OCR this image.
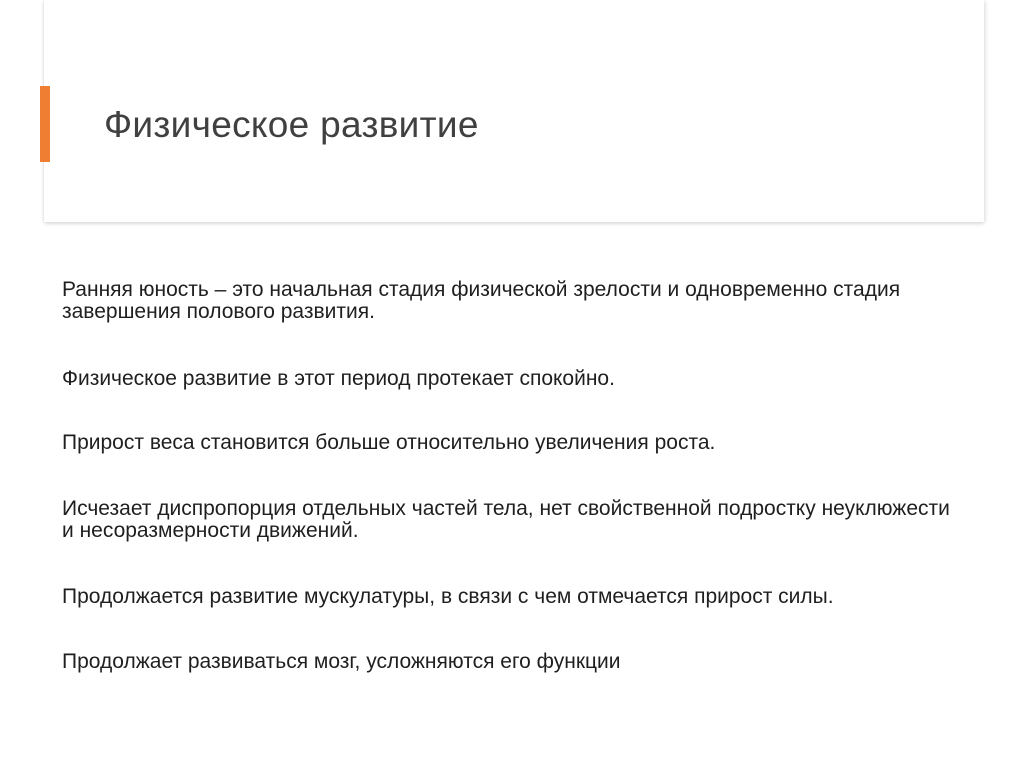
Физическое развитие

Ранняя юность – это начальная стадия физической зрелости и одновременно стадия завершения полового развития.

Физическое развитие в этот период протекает спокойно.

Прирост веса становится больше относительно увеличения роста.

Исчезает диспропорция отдельных частей тела, нет свойственной подростку неуклюжести и несоразмерности движений.

Продолжается развитие мускулатуры, в связи с чем отмечается прирост силы.

Продолжает развиваться мозг, усложняются его функции
